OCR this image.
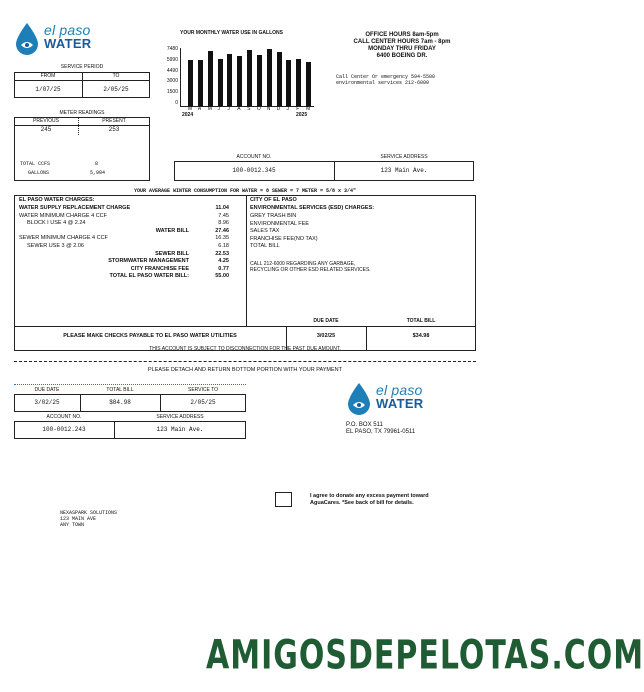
el paso
WATER
YOUR MONTHLY WATER USE IN GALLONS
7480
5990
4490
3000
1500
0
M A M J J A S O N D J F M
2024	2025
OFFICE HOURS 8am-5pm
CALL CENTER HOURS 7am - 8pm
MONDAY THRU FRIDAY
6400 BOEING DR.
Call Center Or emergency 594-5500
environmental services 212-6000
SERVICE PERIOD
FROM	TO
1/07/25	2/05/25
METER READINGS
PREVIOUS	PRESENT
245	253
TOTAL CCFS	8
GALLONS	5,984
ACCOUNT NO.	SERVICE ADDRESS
100-0012.345	123 Main Ave.
YOUR AVERAGE WINTER CONSUMPTION FOR WATER = 8 SEWER = 7 METER = 5/8 x 3/4"
EL PASO WATER CHARGES:
WATER SUPPLY REPLACEMENT CHARGE	11.04
WATER MINIMUM CHARGE 4 CCF	7.45
BLOCK I USE 4 @ 2.24	8.96
WATER BILL	27.46
SEWER MINIMUM CHARGE 4 CCF	16.35
SEWER USE 3 @ 2.06	6.18
SEWER BILL	22.53
STORMWATER MANAGEMENT	4.25
CITY FRANCHISE FEE	0.77
TOTAL EL PASO WATER BILL:	55.00
CITY OF EL PASO
ENVIRONMENTAL SERVICES (ESD) CHARGES:
GREY TRASH BIN
ENVIRONMENTAL FEE
SALES TAX
FRANCHISE FEE(NO TAX)
TOTAL BILL
CALL 212-6000 REGARDING ANY GARBAGE,
RECYCLING OR OTHER ESD RELATED SERVICES.
DUE DATE	TOTAL BILL
PLEASE MAKE CHECKS PAYABLE TO EL PASO WATER UTILITIES	3/02/25	$34.98
THIS ACCOUNT IS SUBJECT TO DISCONNECTION FOR THE PAST DUE AMOUNT.
PLEASE DETACH AND RETURN BOTTOM PORTION WITH YOUR PAYMENT
DUE DATE	TOTAL BILL	SERVICE TO
3/02/25	$84.98	2/05/25
ACCOUNT NO.	SERVICE ADDRESS
100-0012.243	123 Main Ave.
el paso
WATER
P.O. BOX 511
EL PASO, TX 79961-0511
I agree to donate any excess payment toward
AguaCares. *See back of bill for details.
NEXASPARK SOLUTIONS
123 MAIN AVE
ANY TOWN
AMIGOSDEPELOTAS.COM
